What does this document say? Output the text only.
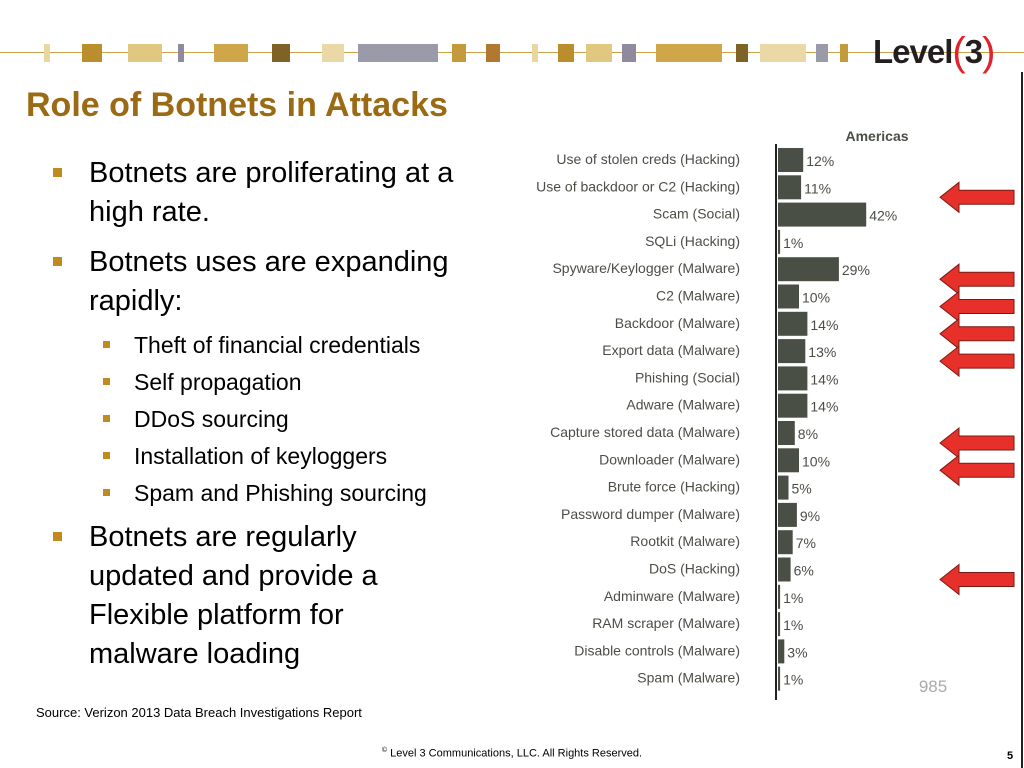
Level(3)
Role of Botnets in Attacks
Botnets are proliferating at a high rate.
Botnets uses are expanding rapidly:
Theft of financial credentials
Self propagation
DDoS sourcing
Installation of keyloggers
Spam and Phishing sourcing
Botnets are regularly updated and provide a Flexible platform for malware loading
Americas
Use of stolen creds (Hacking)	12%
Use of backdoor or C2 (Hacking)	11%
Scam (Social)	42%
SQLi (Hacking)	1%
Spyware/Keylogger (Malware)	29%
C2 (Malware)	10%
Backdoor (Malware)	14%
Export data (Malware)	13%
Phishing (Social)	14%
Adware (Malware)	14%
Capture stored data (Malware)	8%
Downloader (Malware)	10%
Brute force (Hacking)	5%
Password dumper (Malware)	9%
Rootkit (Malware)	7%
DoS (Hacking)	6%
Adminware (Malware)	1%
RAM scraper (Malware)	1%
Disable controls (Malware)	3%
Spam (Malware)	1%	985
Source: Verizon 2013 Data Breach Investigations Report
© Level 3 Communications, LLC. All Rights Reserved.	5
